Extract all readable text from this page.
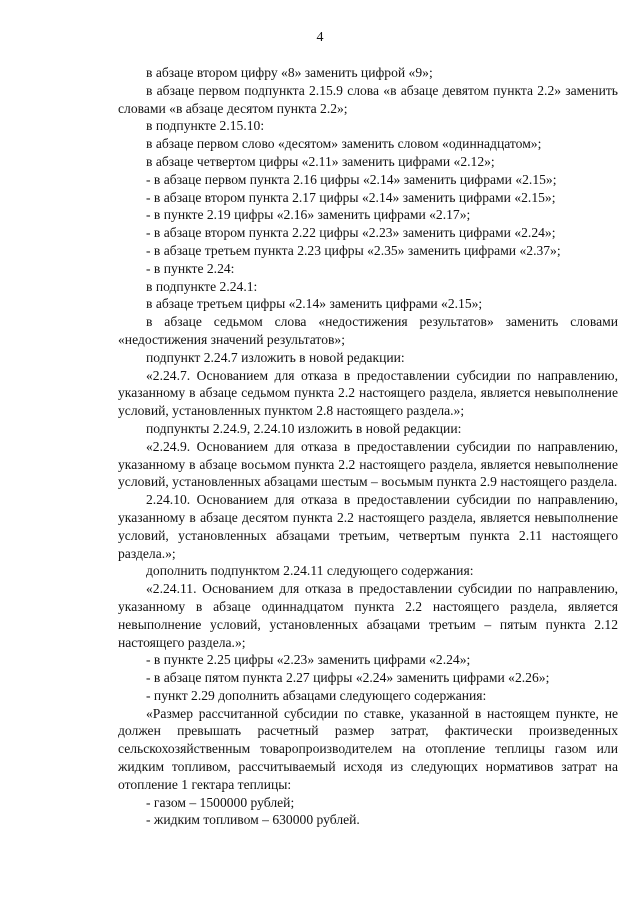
4

в абзаце втором цифру «8» заменить цифрой «9»;

в абзаце первом подпункта 2.15.9 слова «в абзаце девятом пункта 2.2» заменить словами «в абзаце десятом пункта 2.2»;

в подпункте 2.15.10:

в абзаце первом слово «десятом» заменить словом «одиннадцатом»;

в абзаце четвертом цифры «2.11» заменить цифрами «2.12»;

- в абзаце первом пункта 2.16 цифры «2.14» заменить цифрами «2.15»;

- в абзаце втором пункта 2.17 цифры «2.14» заменить цифрами «2.15»;

- в пункте 2.19 цифры «2.16» заменить цифрами «2.17»;

- в абзаце втором пункта 2.22 цифры «2.23» заменить цифрами «2.24»;

- в абзаце третьем пункта 2.23 цифры «2.35» заменить цифрами «2.37»;

- в пункте 2.24:

в подпункте 2.24.1:

в абзаце третьем цифры «2.14» заменить цифрами «2.15»;

в абзаце седьмом слова «недостижения результатов» заменить словами «недостижения значений результатов»;

подпункт 2.24.7 изложить в новой редакции:

«2.24.7. Основанием для отказа в предоставлении субсидии по направлению, указанному в абзаце седьмом пункта 2.2 настоящего раздела, является невыполнение условий, установленных пунктом 2.8 настоящего раздела.»;

подпункты 2.24.9, 2.24.10 изложить в новой редакции:

«2.24.9. Основанием для отказа в предоставлении субсидии по направлению, указанному в абзаце восьмом пункта 2.2 настоящего раздела, является невыполнение условий, установленных абзацами шестым – восьмым пункта 2.9 настоящего раздела.

2.24.10. Основанием для отказа в предоставлении субсидии по направлению, указанному в абзаце десятом пункта 2.2 настоящего раздела, является невыполнение условий, установленных абзацами третьим, четвертым пункта 2.11 настоящего раздела.»;

дополнить подпунктом 2.24.11 следующего содержания:

«2.24.11. Основанием для отказа в предоставлении субсидии по направлению, указанному в абзаце одиннадцатом пункта 2.2 настоящего раздела, является невыполнение условий, установленных абзацами третьим – пятым пункта 2.12 настоящего раздела.»;

- в пункте 2.25 цифры «2.23» заменить цифрами «2.24»;

- в абзаце пятом пункта 2.27 цифры «2.24» заменить цифрами «2.26»;

- пункт 2.29 дополнить абзацами следующего содержания:

«Размер рассчитанной субсидии по ставке, указанной в настоящем пункте, не должен превышать расчетный размер затрат, фактически произведенных сельскохозяйственным товаропроизводителем на отопление теплицы газом или жидким топливом, рассчитываемый исходя из следующих нормативов затрат на отопление 1 гектара теплицы:

- газом – 1500000 рублей;

- жидким топливом – 630000 рублей.
